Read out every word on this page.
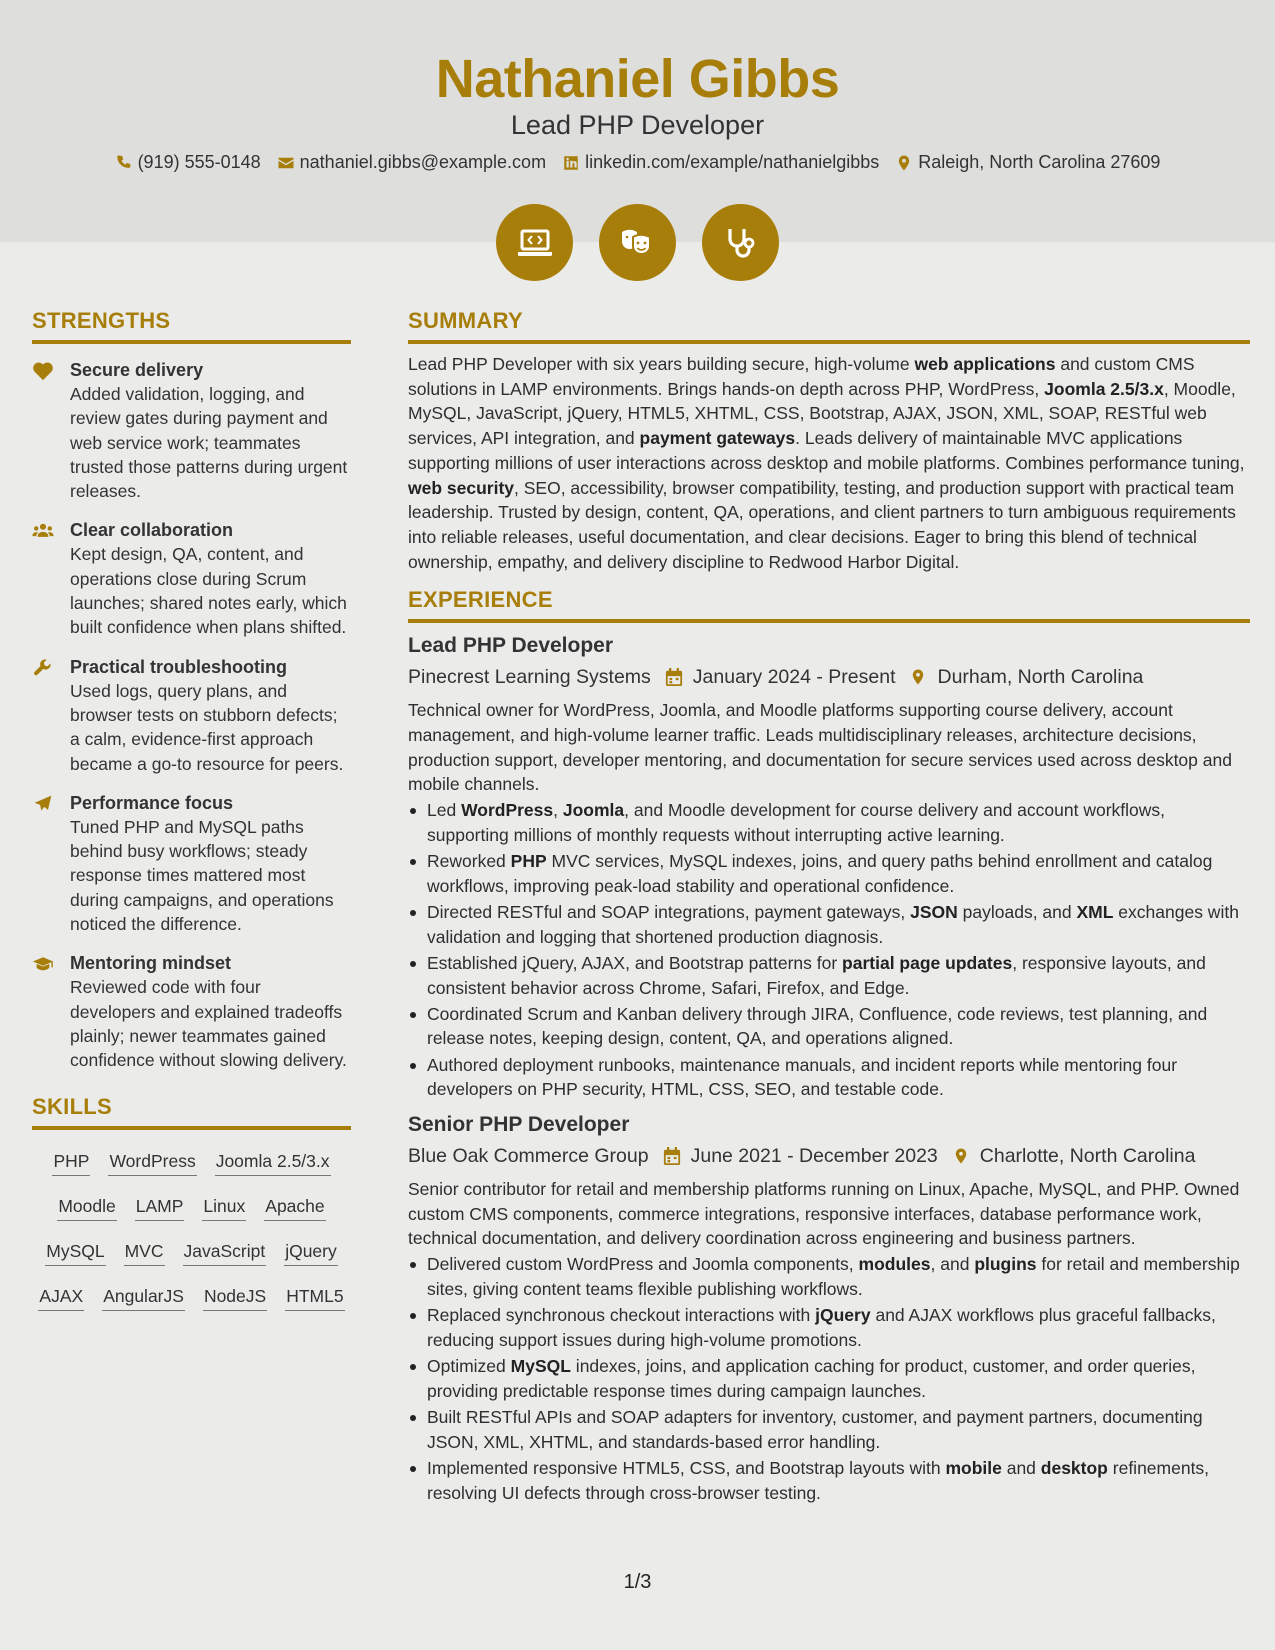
Nathaniel Gibbs
Lead PHP Developer
(919) 555-0148 nathaniel.gibbs@example.com linkedin.com/example/nathanielgibbs Raleigh, North Carolina 27609
STRENGTHS
Secure delivery
Added validation, logging, and review gates during payment and web service work; teammates trusted those patterns during urgent releases.
Clear collaboration
Kept design, QA, content, and operations close during Scrum launches; shared notes early, which built confidence when plans shifted.
Practical troubleshooting
Used logs, query plans, and browser tests on stubborn defects; a calm, evidence-first approach became a go-to resource for peers.
Performance focus
Tuned PHP and MySQL paths behind busy workflows; steady response times mattered most during campaigns, and operations noticed the difference.
Mentoring mindset
Reviewed code with four developers and explained tradeoffs plainly; newer teammates gained confidence without slowing delivery.
SKILLS
PHP WordPress Joomla 2.5/3.x
Moodle LAMP Linux Apache
MySQL MVC JavaScript jQuery
AJAX AngularJS NodeJS HTML5
SUMMARY
Lead PHP Developer with six years building secure, high-volume web applications and custom CMS solutions in LAMP environments. Brings hands-on depth across PHP, WordPress, Joomla 2.5/3.x, Moodle, MySQL, JavaScript, jQuery, HTML5, XHTML, CSS, Bootstrap, AJAX, JSON, XML, SOAP, RESTful web services, API integration, and payment gateways. Leads delivery of maintainable MVC applications supporting millions of user interactions across desktop and mobile platforms. Combines performance tuning, web security, SEO, accessibility, browser compatibility, testing, and production support with practical team leadership. Trusted by design, content, QA, operations, and client partners to turn ambiguous requirements into reliable releases, useful documentation, and clear decisions. Eager to bring this blend of technical ownership, empathy, and delivery discipline to Redwood Harbor Digital.
EXPERIENCE
Lead PHP Developer
Pinecrest Learning Systems January 2024 - Present Durham, North Carolina
Technical owner for WordPress, Joomla, and Moodle platforms supporting course delivery, account management, and high-volume learner traffic. Leads multidisciplinary releases, architecture decisions, production support, developer mentoring, and documentation for secure services used across desktop and mobile channels.
Led WordPress, Joomla, and Moodle development for course delivery and account workflows, supporting millions of monthly requests without interrupting active learning.
Reworked PHP MVC services, MySQL indexes, joins, and query paths behind enrollment and catalog workflows, improving peak-load stability and operational confidence.
Directed RESTful and SOAP integrations, payment gateways, JSON payloads, and XML exchanges with validation and logging that shortened production diagnosis.
Established jQuery, AJAX, and Bootstrap patterns for partial page updates, responsive layouts, and consistent behavior across Chrome, Safari, Firefox, and Edge.
Coordinated Scrum and Kanban delivery through JIRA, Confluence, code reviews, test planning, and release notes, keeping design, content, QA, and operations aligned.
Authored deployment runbooks, maintenance manuals, and incident reports while mentoring four developers on PHP security, HTML, CSS, SEO, and testable code.
Senior PHP Developer
Blue Oak Commerce Group June 2021 - December 2023 Charlotte, North Carolina
Senior contributor for retail and membership platforms running on Linux, Apache, MySQL, and PHP. Owned custom CMS components, commerce integrations, responsive interfaces, database performance work, technical documentation, and delivery coordination across engineering and business partners.
Delivered custom WordPress and Joomla components, modules, and plugins for retail and membership sites, giving content teams flexible publishing workflows.
Replaced synchronous checkout interactions with jQuery and AJAX workflows plus graceful fallbacks, reducing support issues during high-volume promotions.
Optimized MySQL indexes, joins, and application caching for product, customer, and order queries, providing predictable response times during campaign launches.
Built RESTful APIs and SOAP adapters for inventory, customer, and payment partners, documenting JSON, XML, XHTML, and standards-based error handling.
Implemented responsive HTML5, CSS, and Bootstrap layouts with mobile and desktop refinements, resolving UI defects through cross-browser testing.
1/3
